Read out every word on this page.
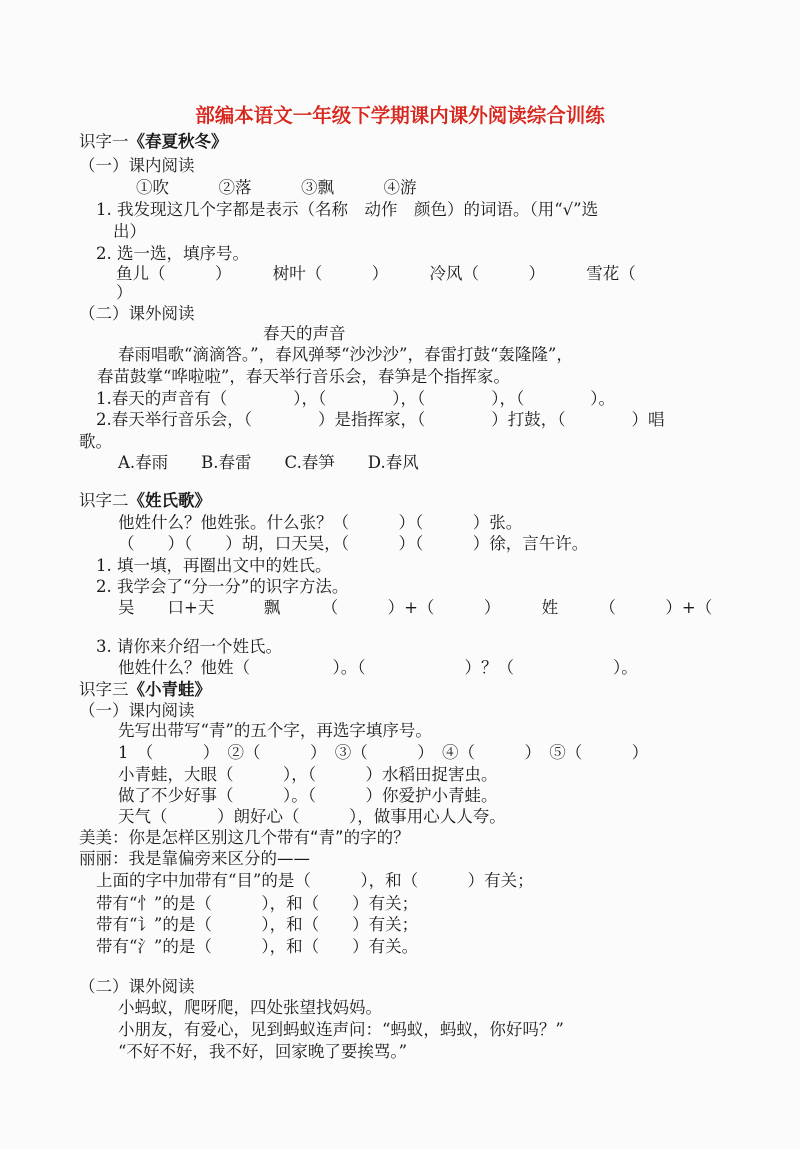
部编本语文一年级下学期课内课外阅读综合训练
识字一《春夏秋冬》
（一）课内阅读
①吹　　　②落　　　③飘　　　④游
1. 我发现这几个字都是表示（名称　动作　颜色）的词语。（用“√”选
出）
2. 选一选，填序号。
鱼儿（　　　）　　　树叶（　　　）　　　冷风（　　　）　　　雪花（
）
（二）课外阅读
春天的声音
春雨唱歌“滴滴答。”，春风弹琴“沙沙沙”，春雷打鼓“轰隆隆”，
春苗鼓掌“哗啦啦”，春天举行音乐会，春笋是个指挥家。
1.春天的声音有（　　　　），（　　　　），（　　　　），（　　　　）。
2.春天举行音乐会，（　　　　）是指挥家，（　　　　）打鼓，（　　　　）唱
歌。
A.春雨　　B.春雷　　C.春笋　　D.春风
识字二《姓氏歌》
他姓什么？他姓张。什么张？（　　　）（　　　）张。
（　　）（　　）胡，口天吴，（　　　）（　　　）徐，言午许。
1. 填一填，再圈出文中的姓氏。
2. 我学会了“分一分”的识字方法。
吴　　口+天　　　飘　　　（　　　）+（　　　）　　　姓　　　（　　　）+（
3. 请你来介绍一个姓氏。
他姓什么？他姓（　　　　　）。（　　　　　　）？（　　　　　　）。
识字三《小青蛙》
（一）课内阅读
先写出带写“青”的五个字，再选字填序号。
1　（　　　）　②（　　　）　③（　　　）　④（　　　）　⑤（　　　）
小青蛙，大眼（　　　），（　　　）水稻田捉害虫。
做了不少好事（　　　）。（　　　）你爱护小青蛙。
天气（　　　）朗好心（　　　），做事用心人人夸。
美美：你是怎样区别这几个带有“青”的字的？
丽丽：我是靠偏旁来区分的——
上面的字中加带有“目”的是（　　　），和（　　　）有关；
带有“忄”的是（　　　），和（　　）有关；
带有“讠”的是（　　　），和（　　）有关；
带有“氵”的是（　　　），和（　　）有关。
（二）课外阅读
小蚂蚁，爬呀爬，四处张望找妈妈。
小朋友，有爱心，见到蚂蚁连声问：“蚂蚁，蚂蚁，你好吗？”
“不好不好，我不好，回家晚了要挨骂。”
